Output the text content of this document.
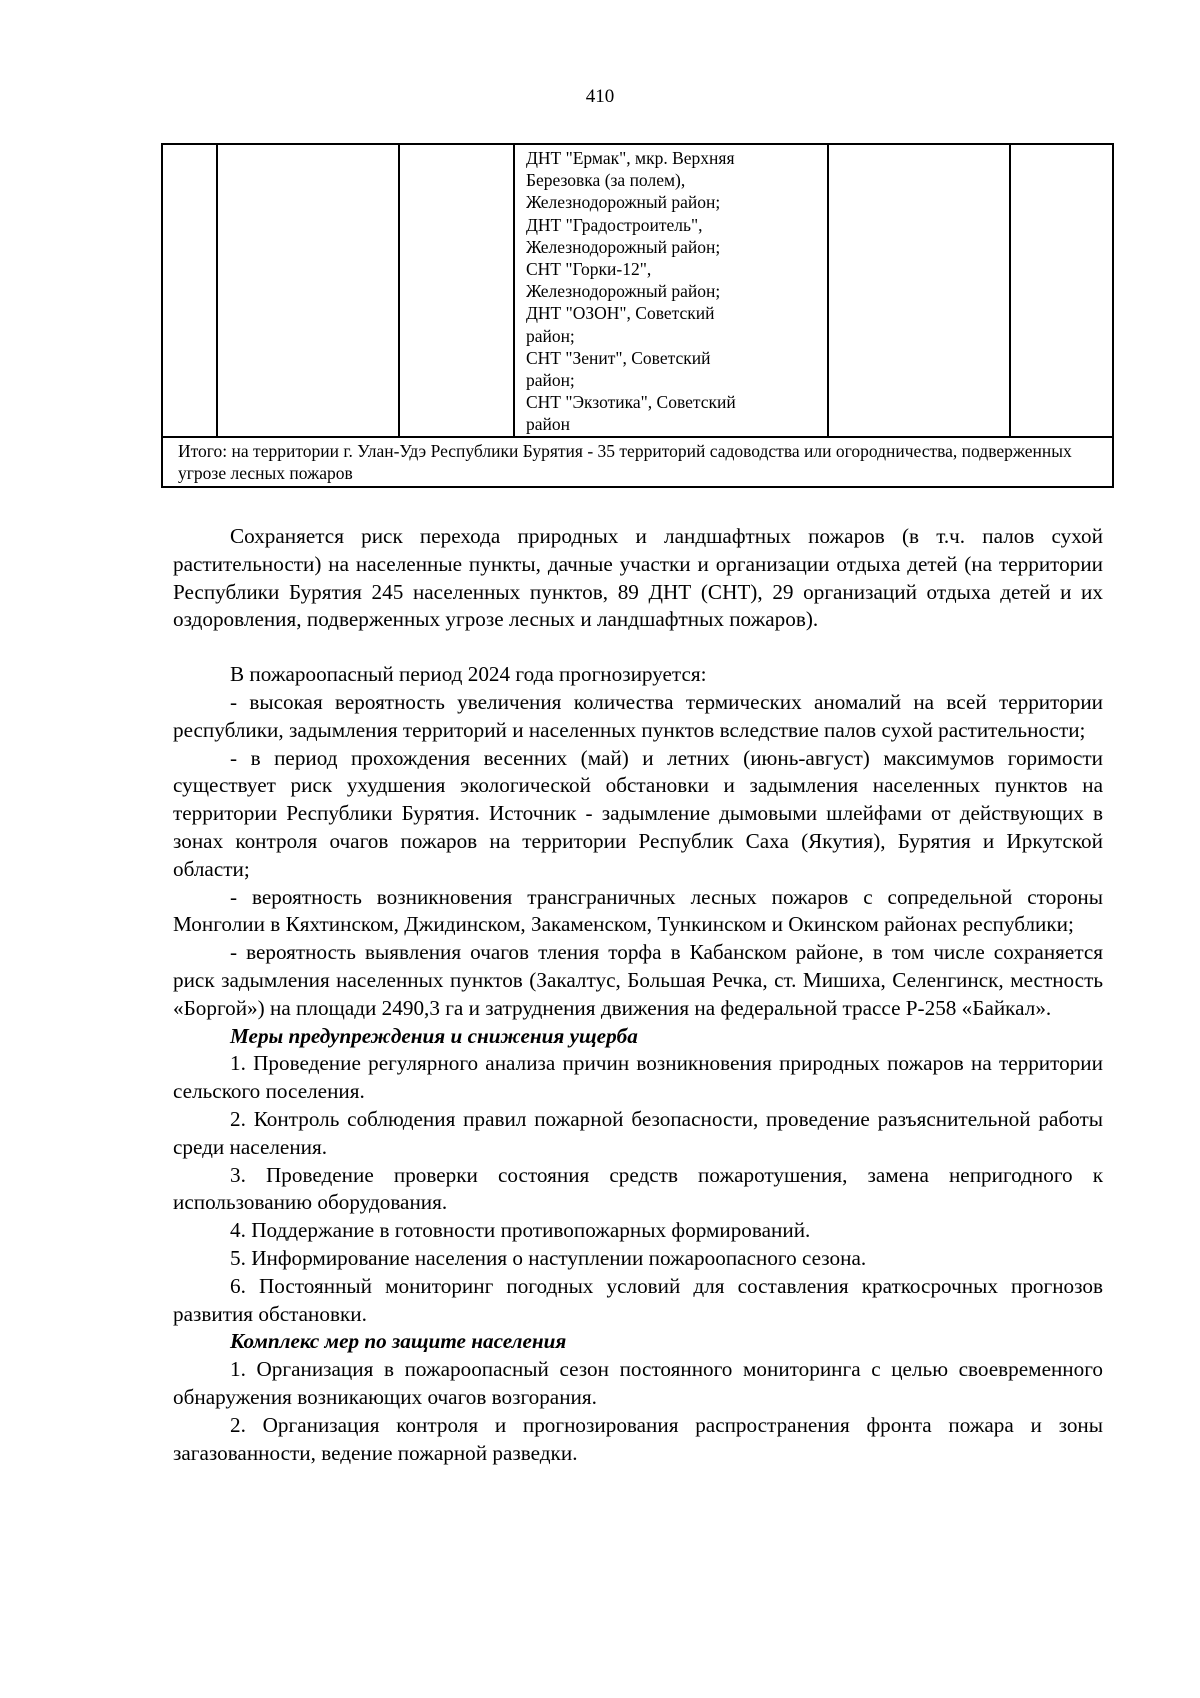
410

ДНТ "Ермак", мкр. Верхняя
Березовка (за полем),
Железнодорожный район;
ДНТ "Градостроитель",
Железнодорожный район;
СНТ "Горки-12",
Железнодорожный район;
ДНТ "ОЗОН", Советский
район;
СНТ "Зенит", Советский
район;
СНТ "Экзотика", Советский
район

Итого: на территории г. Улан-Удэ Республики Бурятия - 35 территорий садоводства или огородничества, подверженных угрозе лесных пожаров

Сохраняется риск перехода природных и ландшафтных пожаров (в т.ч. палов сухой растительности) на населенные пункты, дачные участки и организации отдыха детей (на территории Республики Бурятия 245 населенных пунктов, 89 ДНТ (СНТ), 29 организаций отдыха детей и их оздоровления, подверженных угрозе лесных и ландшафтных пожаров).

В пожароопасный период 2024 года прогнозируется:

- высокая вероятность увеличения количества термических аномалий на всей территории республики, задымления территорий и населенных пунктов вследствие палов сухой растительности;

- в период прохождения весенних (май) и летних (июнь-август) максимумов горимости существует риск ухудшения экологической обстановки и задымления населенных пунктов на территории Республики Бурятия. Источник - задымление дымовыми шлейфами от действующих в зонах контроля очагов пожаров на территории Республик Саха (Якутия), Бурятия и Иркутской области;

- вероятность возникновения трансграничных лесных пожаров с сопредельной стороны Монголии в Кяхтинском, Джидинском, Закаменском, Тункинском и Окинском районах республики;

- вероятность выявления очагов тления торфа в Кабанском районе, в том числе сохраняется риск задымления населенных пунктов (Закалтус, Большая Речка, ст. Мишиха, Селенгинск, местность «Боргой») на площади 2490,3 га и затруднения движения на федеральной трассе Р-258 «Байкал».

Меры предупреждения и снижения ущерба

1. Проведение регулярного анализа причин возникновения природных пожаров на территории сельского поселения.

2. Контроль соблюдения правил пожарной безопасности, проведение разъяснительной работы среди населения.

3. Проведение проверки состояния средств пожаротушения, замена непригодного к использованию оборудования.

4. Поддержание в готовности противопожарных формирований.

5. Информирование населения о наступлении пожароопасного сезона.

6. Постоянный мониторинг погодных условий для составления краткосрочных прогнозов развития обстановки.

Комплекс мер по защите населения

1. Организация в пожароопасный сезон постоянного мониторинга с целью своевременного обнаружения возникающих очагов возгорания.

2. Организация контроля и прогнозирования распространения фронта пожара и зоны загазованности, ведение пожарной разведки.
